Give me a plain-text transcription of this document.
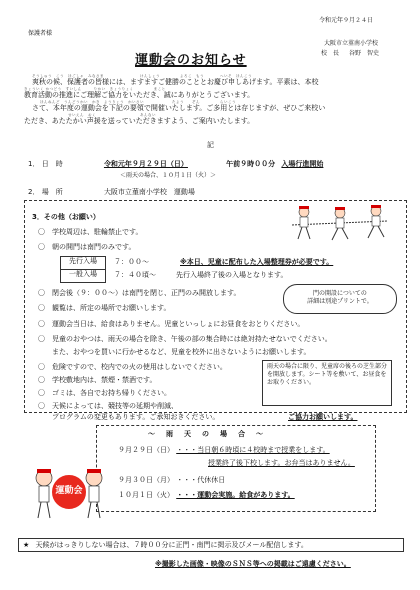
保護者様
令和元年９月２４日
大阪市立菫南小学校
校　長 谷野　智史
運動会のお知らせ
そうしゅう　こう　ほごしゃ　みなさま　　　　　　　　　けんしょう　　　　　よろこ　もう　　　　へいそ　ほんこう
爽秋の候、保護者の皆様には、ますますご健勝のこととお慶び申しあげます。平素は、本校
きょういく かつどう　すいしん　　　りかい　きょうりょく　　　　　まこと
教育活動の推進にご理解ご協力をいただき、誠にありがとうございます。
　　ほんねんど　うんどうかい　かき　ようりょう　かいさい　　　　　　　たよう　　ぞん　　　　　らいこう
さて、本年度の運動会を下記の要領で開催いたします。ご多用とは存じますが、ぜひご来校い
　　　　　　　　　　　せいえん　おく　　　　　　　　　　　あんない
ただき、あたたかい声援を送っていただきますよう、ご案内いたします。
記
1． 日　時	令和元年９月２９日（日）	午前９時００分 入場行進開始
＜雨天の場合、１０月１日（火）＞
2． 場　所	大阪市立菫南小学校　運動場
3．その他（お願い）
〇 学校周辺は、駐輪禁止です。
〇 朝の開門は南門のみです。
先行入場
一般入場
７：００〜	※本日、児童に配布した入場整理券が必要です。
７：４０頃〜	先行入場終了後の入場となります。
〇 閉会後（９：００〜）は南門を閉じ、正門のみ開放します。
〇 観覧は、所定の場所でお願いします。
門の開設についての
詳細は別途プリントで。
〇 運動会当日は、給食はありません。児童といっしょにお昼食をおとりください。
〇 児童のおやつは、雨天の場合を除き、午後の部の集合時には絶対持たせないでください。
また、おやつを買いに行かせるなど、児童を校外に出さないようにお願いします。
〇 危険ですので、校内での火の使用はしないでください。
〇 学校敷地内は、禁煙・禁酒です。
〇 ゴミは、各自でお持ち帰りください。
〇 天候によっては、競技等の延期や削減、
雨天の場合に限り、児童席の後ろの芝生部分を開放します。シート等を敷いて、お昼食をお取りください。
プログラムの変更もあります。ご承知おきください。	ご協力お願いします。
〜　雨　天　の　場　合　〜
９月２９日（日） ・・・当日朝６時頃に４校時まで授業をします。
授業終了後下校します。お弁当はありません。
９月３０日（月） ・・・代休休日
１０月１日（火） ・・・運動会実施。給食があります。
運動会
★ 天候がはっきりしない場合は、７時００分に正門・南門に掲示及びメール配信します。
※撮影した画像・映像のＳＮＳ等への掲載はご遠慮ください。
